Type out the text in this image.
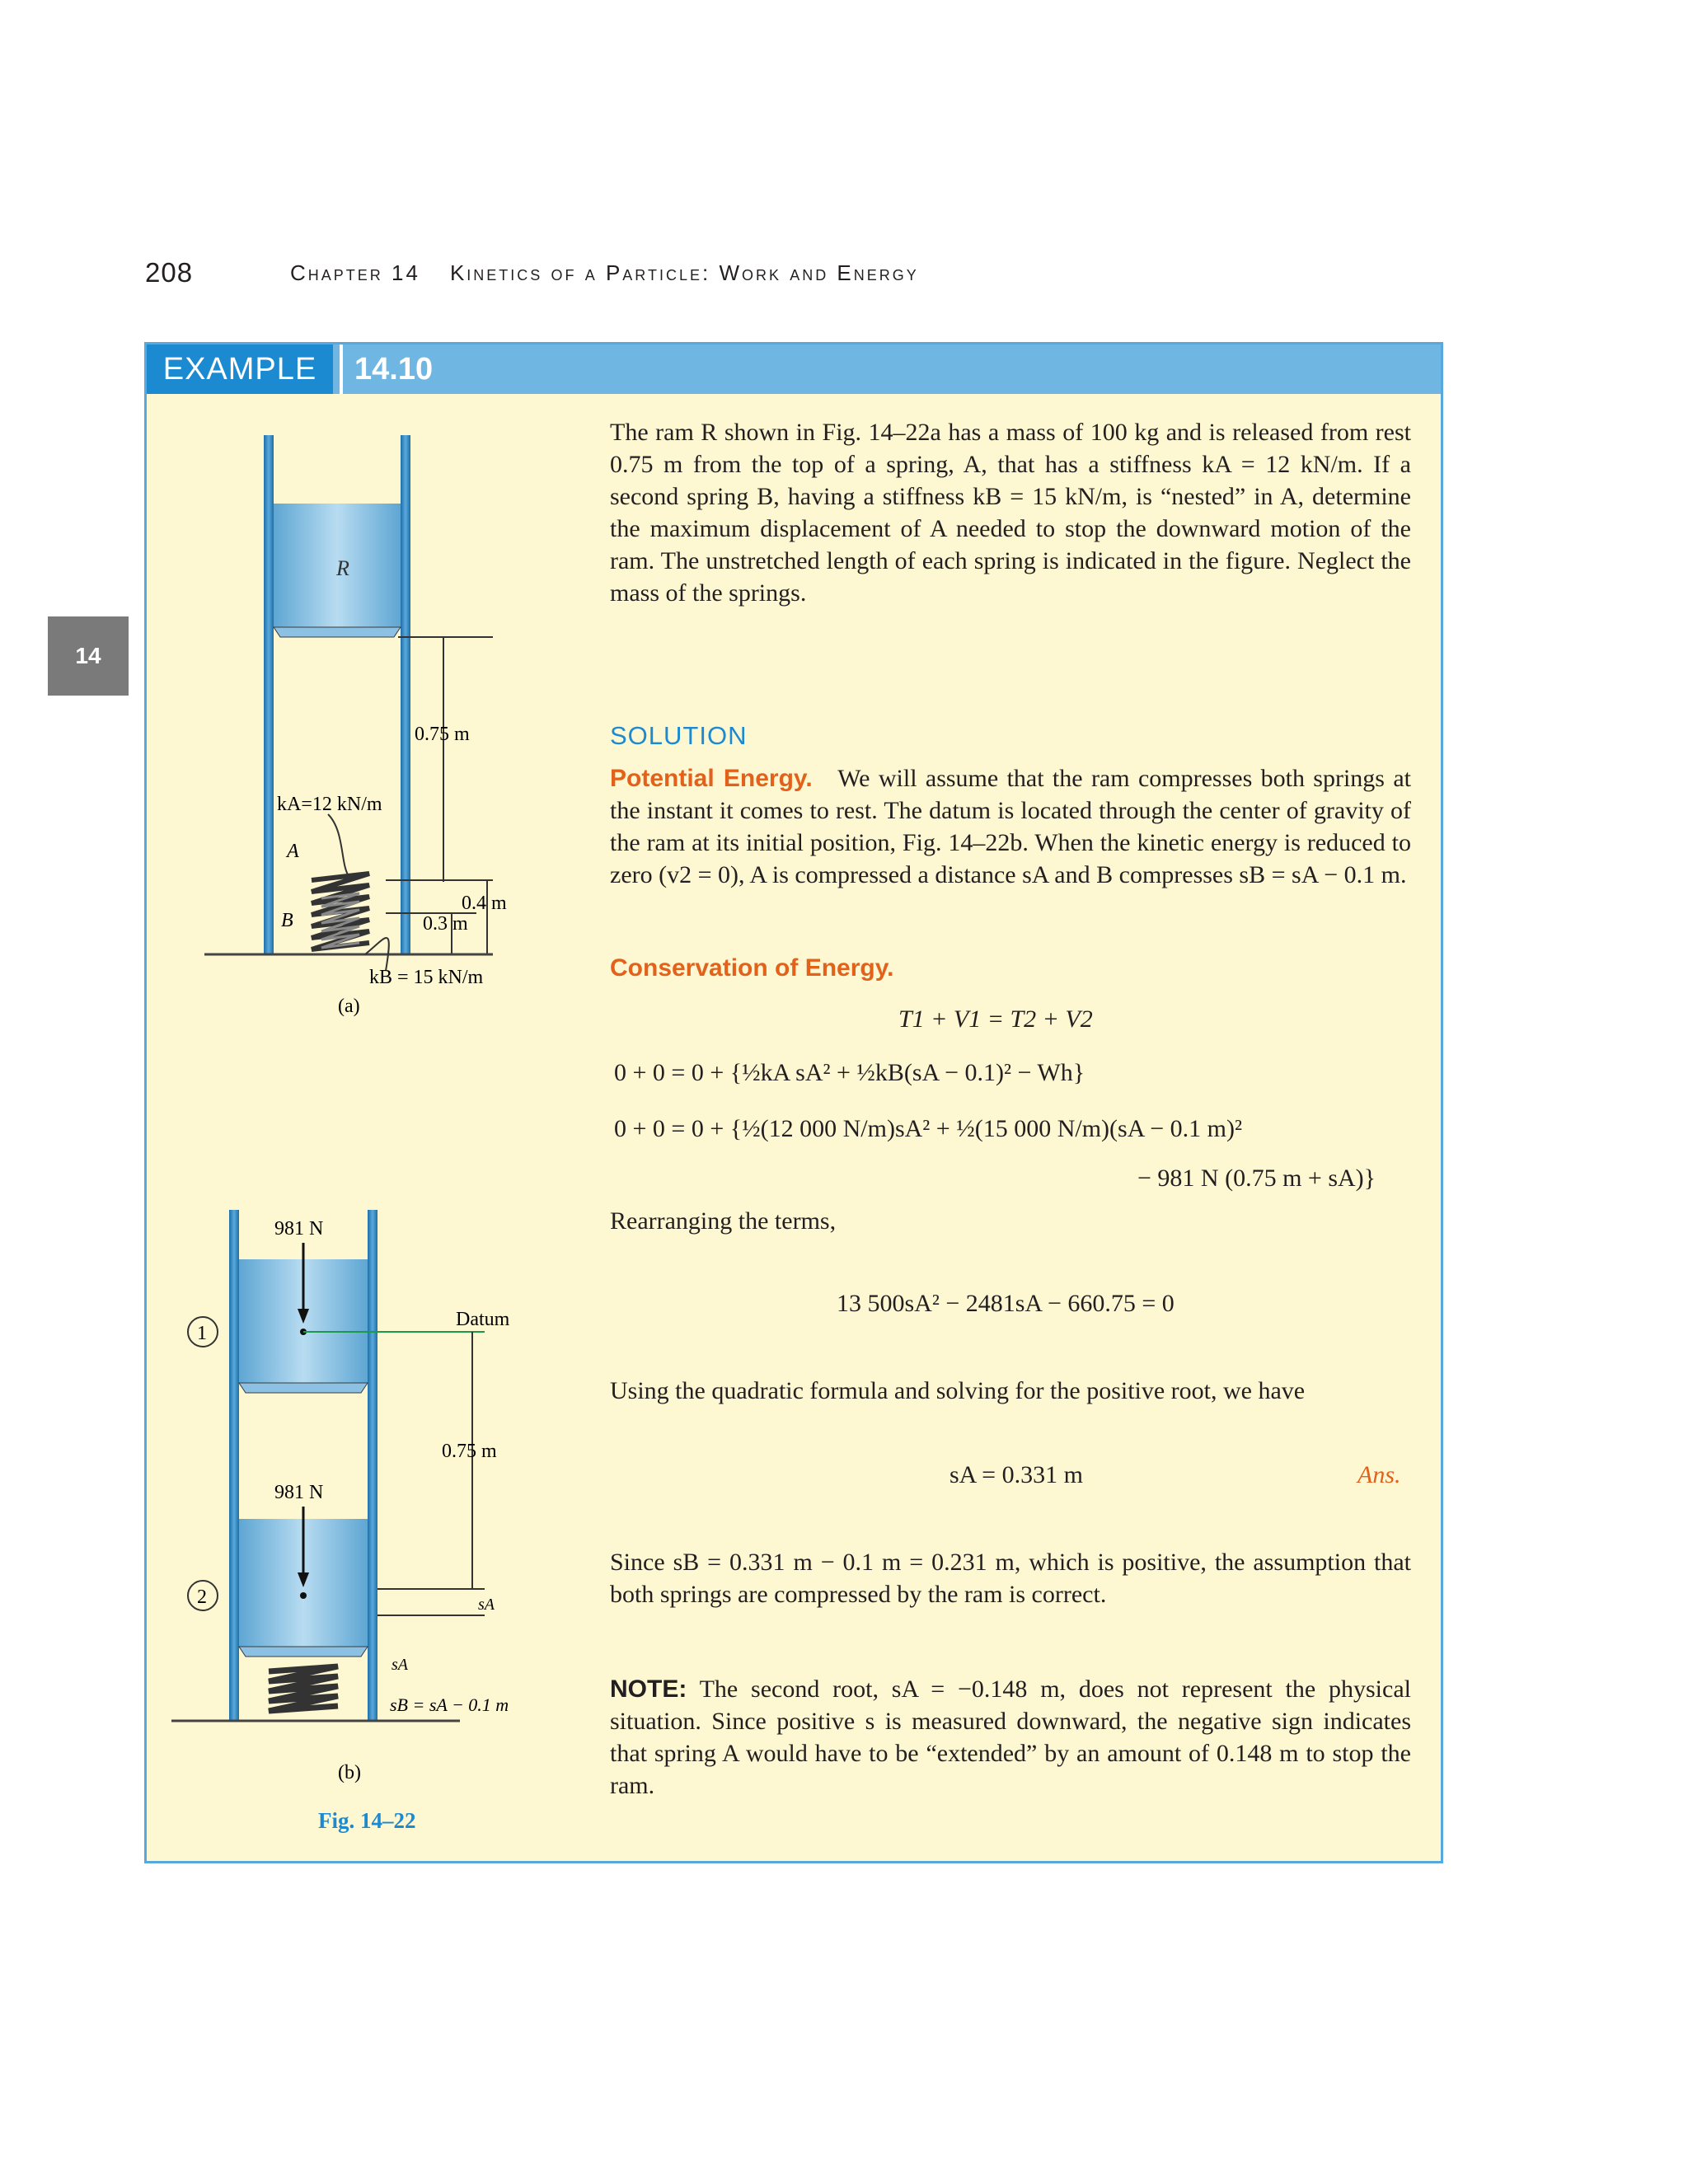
208	Chapter 14 Kinetics of a Particle: Work and Energy
14
EXAMPLE	14.10
R
0.75 m
kA=12 kN/m
A
B
0.4 m
0.3 m
kB = 15 kN/m
(a)
981 N
1
Datum
0.75 m
981 N
2	sA
sA
sB = sA − 0.1 m
(b)
Fig. 14–22
The ram R shown in Fig. 14–22a has a mass of 100 kg and is released from rest 0.75 m from the top of a spring, A, that has a stiffness kA = 12 kN/m. If a second spring B, having a stiffness kB = 15 kN/m, is “nested” in A, determine the maximum displacement of A needed to stop the downward motion of the ram. The unstretched length of each spring is indicated in the figure. Neglect the mass of the springs.
SOLUTION
Potential Energy. We will assume that the ram compresses both springs at the instant it comes to rest. The datum is located through the center of gravity of the ram at its initial position, Fig. 14–22b. When the kinetic energy is reduced to zero (v2 = 0), A is compressed a distance sA and B compresses sB = sA − 0.1 m.
Conservation of Energy.
T1 + V1 = T2 + V2
0 + 0 = 0 + {½kA sA² + ½kB(sA − 0.1)² − Wh}
0 + 0 = 0 + {½(12 000 N/m)sA² + ½(15 000 N/m)(sA − 0.1 m)²
− 981 N (0.75 m + sA)}
Rearranging the terms,
13 500sA² − 2481sA − 660.75 = 0
Using the quadratic formula and solving for the positive root, we have
sA = 0.331 m	Ans.
Since sB = 0.331 m − 0.1 m = 0.231 m, which is positive, the assumption that both springs are compressed by the ram is correct.
NOTE: The second root, sA = −0.148 m, does not represent the physical situation. Since positive s is measured downward, the negative sign indicates that spring A would have to be “extended” by an amount of 0.148 m to stop the ram.
